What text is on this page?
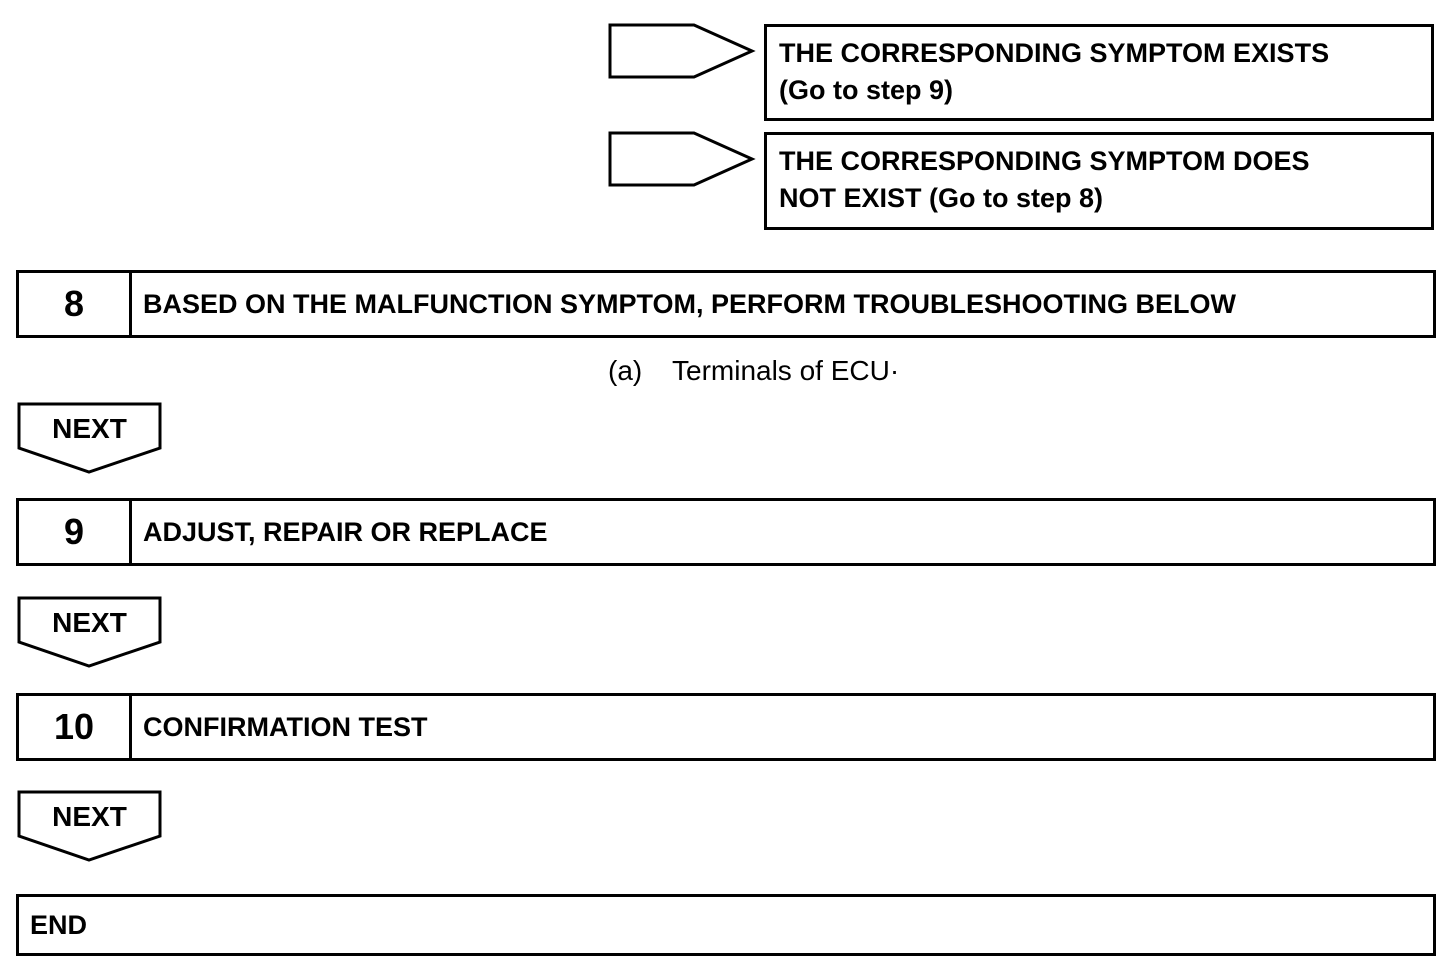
THE CORRESPONDING SYMPTOM EXISTS
(Go to step 9)
THE CORRESPONDING SYMPTOM DOES
NOT EXIST (Go to step 8)
8	BASED ON THE MALFUNCTION SYMPTOM, PERFORM TROUBLESHOOTING BELOW
(a) Terminals of ECU·
NEXT
9	ADJUST, REPAIR OR REPLACE
NEXT
10	CONFIRMATION TEST
NEXT
END
